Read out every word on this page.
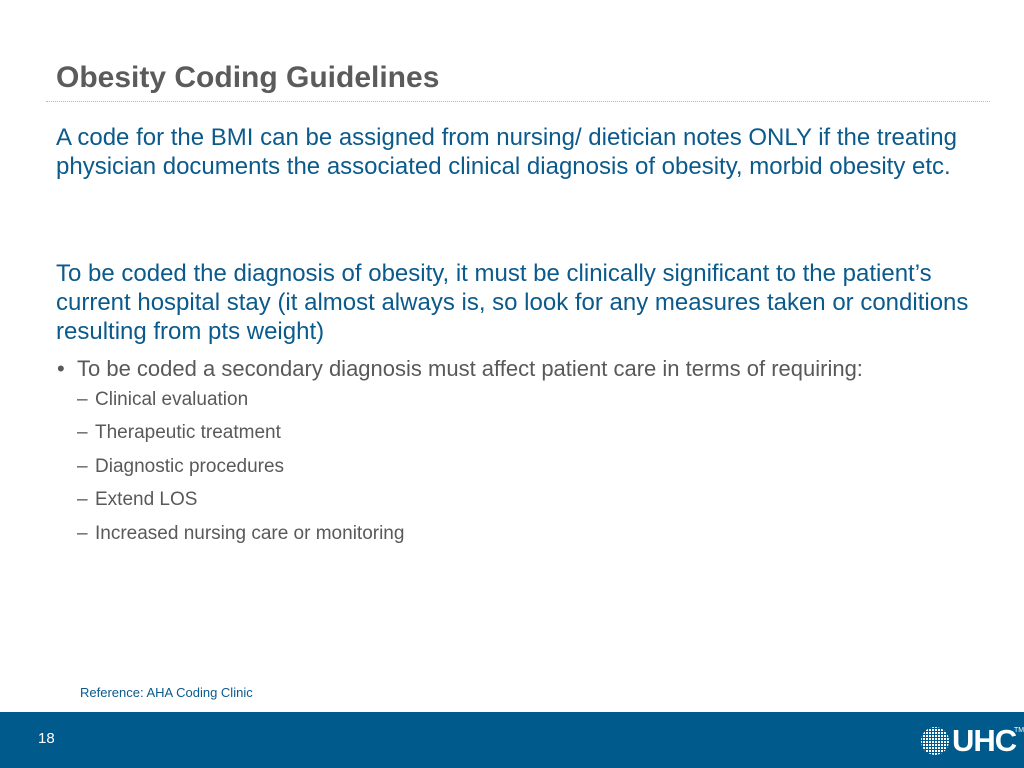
Obesity Coding Guidelines

A code for the BMI can be assigned from nursing/ dietician notes ONLY if the treating physician documents the associated clinical diagnosis of obesity, morbid obesity etc.

To be coded the diagnosis of obesity, it must be clinically significant to the patient’s current hospital stay (it almost always is, so look for any measures taken or conditions resulting from pts weight)

• To be coded a secondary diagnosis must affect patient care in terms of requiring:
– Clinical evaluation
– Therapeutic treatment
– Diagnostic procedures
– Extend LOS
– Increased nursing care or monitoring
Reference: AHA Coding Clinic
18	UHC
TM
